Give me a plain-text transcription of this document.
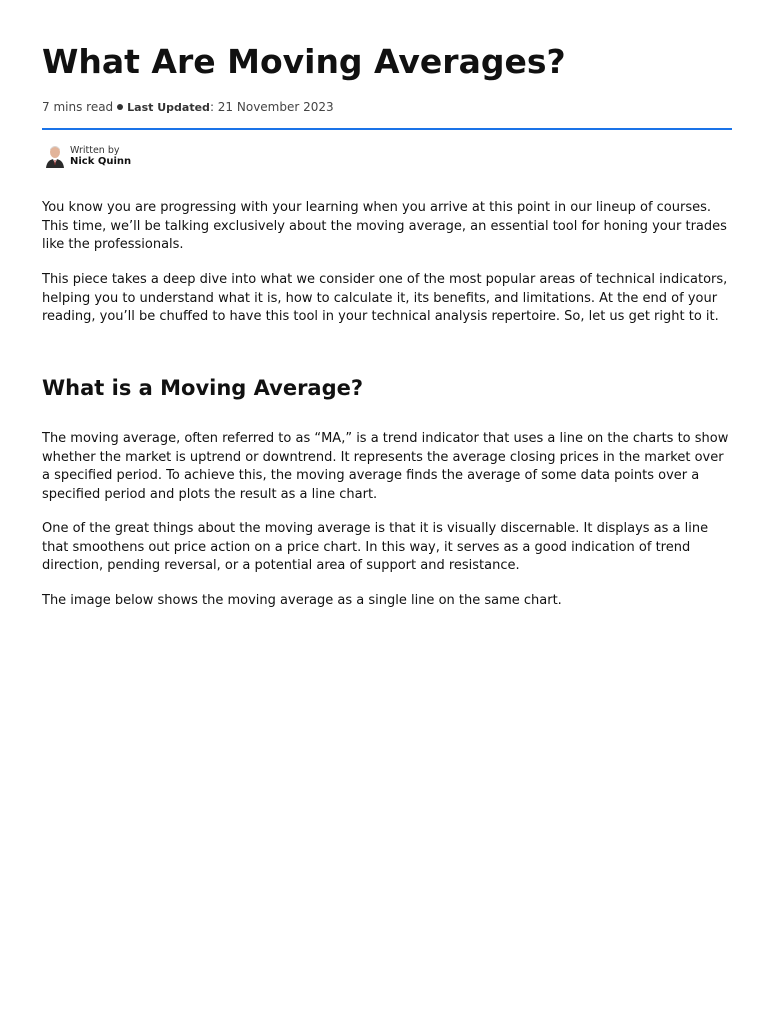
What Are Moving Averages?
7 mins read Last Updated: 21 November 2023
Written by
Nick Quinn

You know you are progressing with your learning when you arrive at this point in our lineup of courses. This time, we’ll be talking exclusively about the moving average, an essential tool for honing your trades like the professionals.

This piece takes a deep dive into what we consider one of the most popular areas of technical indicators, helping you to understand what it is, how to calculate it, its benefits, and limitations. At the end of your reading, you’ll be chuffed to have this tool in your technical analysis repertoire. So, let us get right to it.

What is a Moving Average?

The moving average, often referred to as “MA,” is a trend indicator that uses a line on the charts to show whether the market is uptrend or downtrend. It represents the average closing prices in the market over a specified period. To achieve this, the moving average finds the average of some data points over a specified period and plots the result as a line chart.

One of the great things about the moving average is that it is visually discernable. It displays as a line that smoothens out price action on a price chart. In this way, it serves as a good indication of trend direction, pending reversal, or a potential area of support and resistance.

The image below shows the moving average as a single line on the same chart.
